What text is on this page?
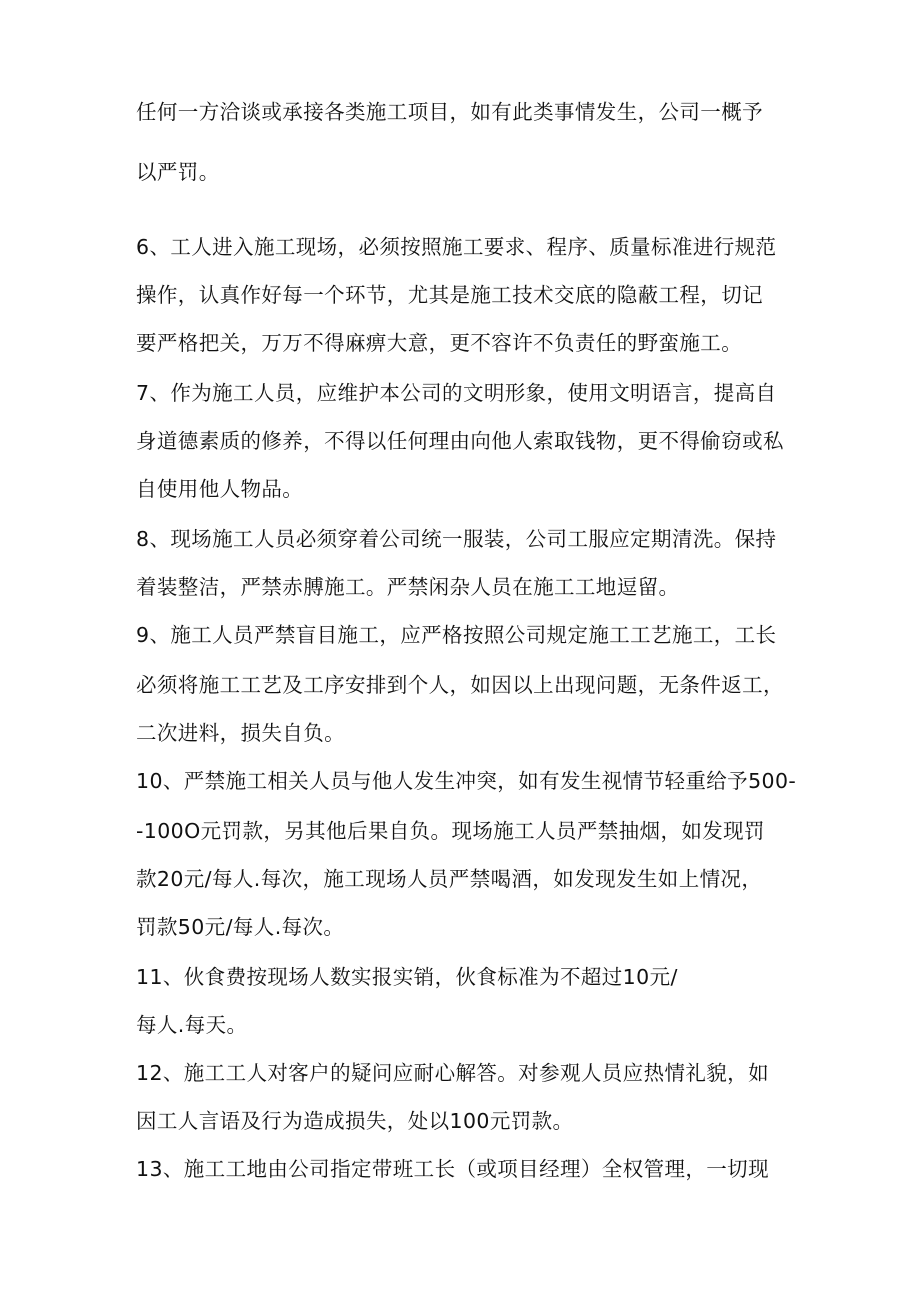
任何一方洽谈或承接各类施工项目，如有此类事情发生，公司一概予
以严罚。
6、工人进入施工现场，必须按照施工要求、程序、质量标准进行规范
操作，认真作好每一个环节，尤其是施工技术交底的隐蔽工程，切记
要严格把关，万万不得麻痹大意，更不容许不负责任的野蛮施工。
7、作为施工人员，应维护本公司的文明形象，使用文明语言，提高自
身道德素质的修养，不得以任何理由向他人索取钱物，更不得偷窃或私
自使用他人物品。
8、现场施工人员必须穿着公司统一服装，公司工服应定期清洗。保持
着装整洁，严禁赤膊施工。严禁闲杂人员在施工工地逗留。
9、施工人员严禁盲目施工，应严格按照公司规定施工工艺施工，工长
必须将施工工艺及工序安排到个人，如因以上出现问题，无条件返工，
二次进料，损失自负。
10、严禁施工相关人员与他人发生冲突，如有发生视情节轻重给予500-
-100O元罚款，另其他后果自负。现场施工人员严禁抽烟，如发现罚
款20元/每人.每次，施工现场人员严禁喝酒，如发现发生如上情况，
罚款50元/每人.每次。
11、伙食费按现场人数实报实销，伙食标准为不超过10元/
每人.每天。
12、施工工人对客户的疑问应耐心解答。对参观人员应热情礼貌，如
因工人言语及行为造成损失，处以100元罚款。
13、施工工地由公司指定带班工长（或项目经理）全权管理，一切现
